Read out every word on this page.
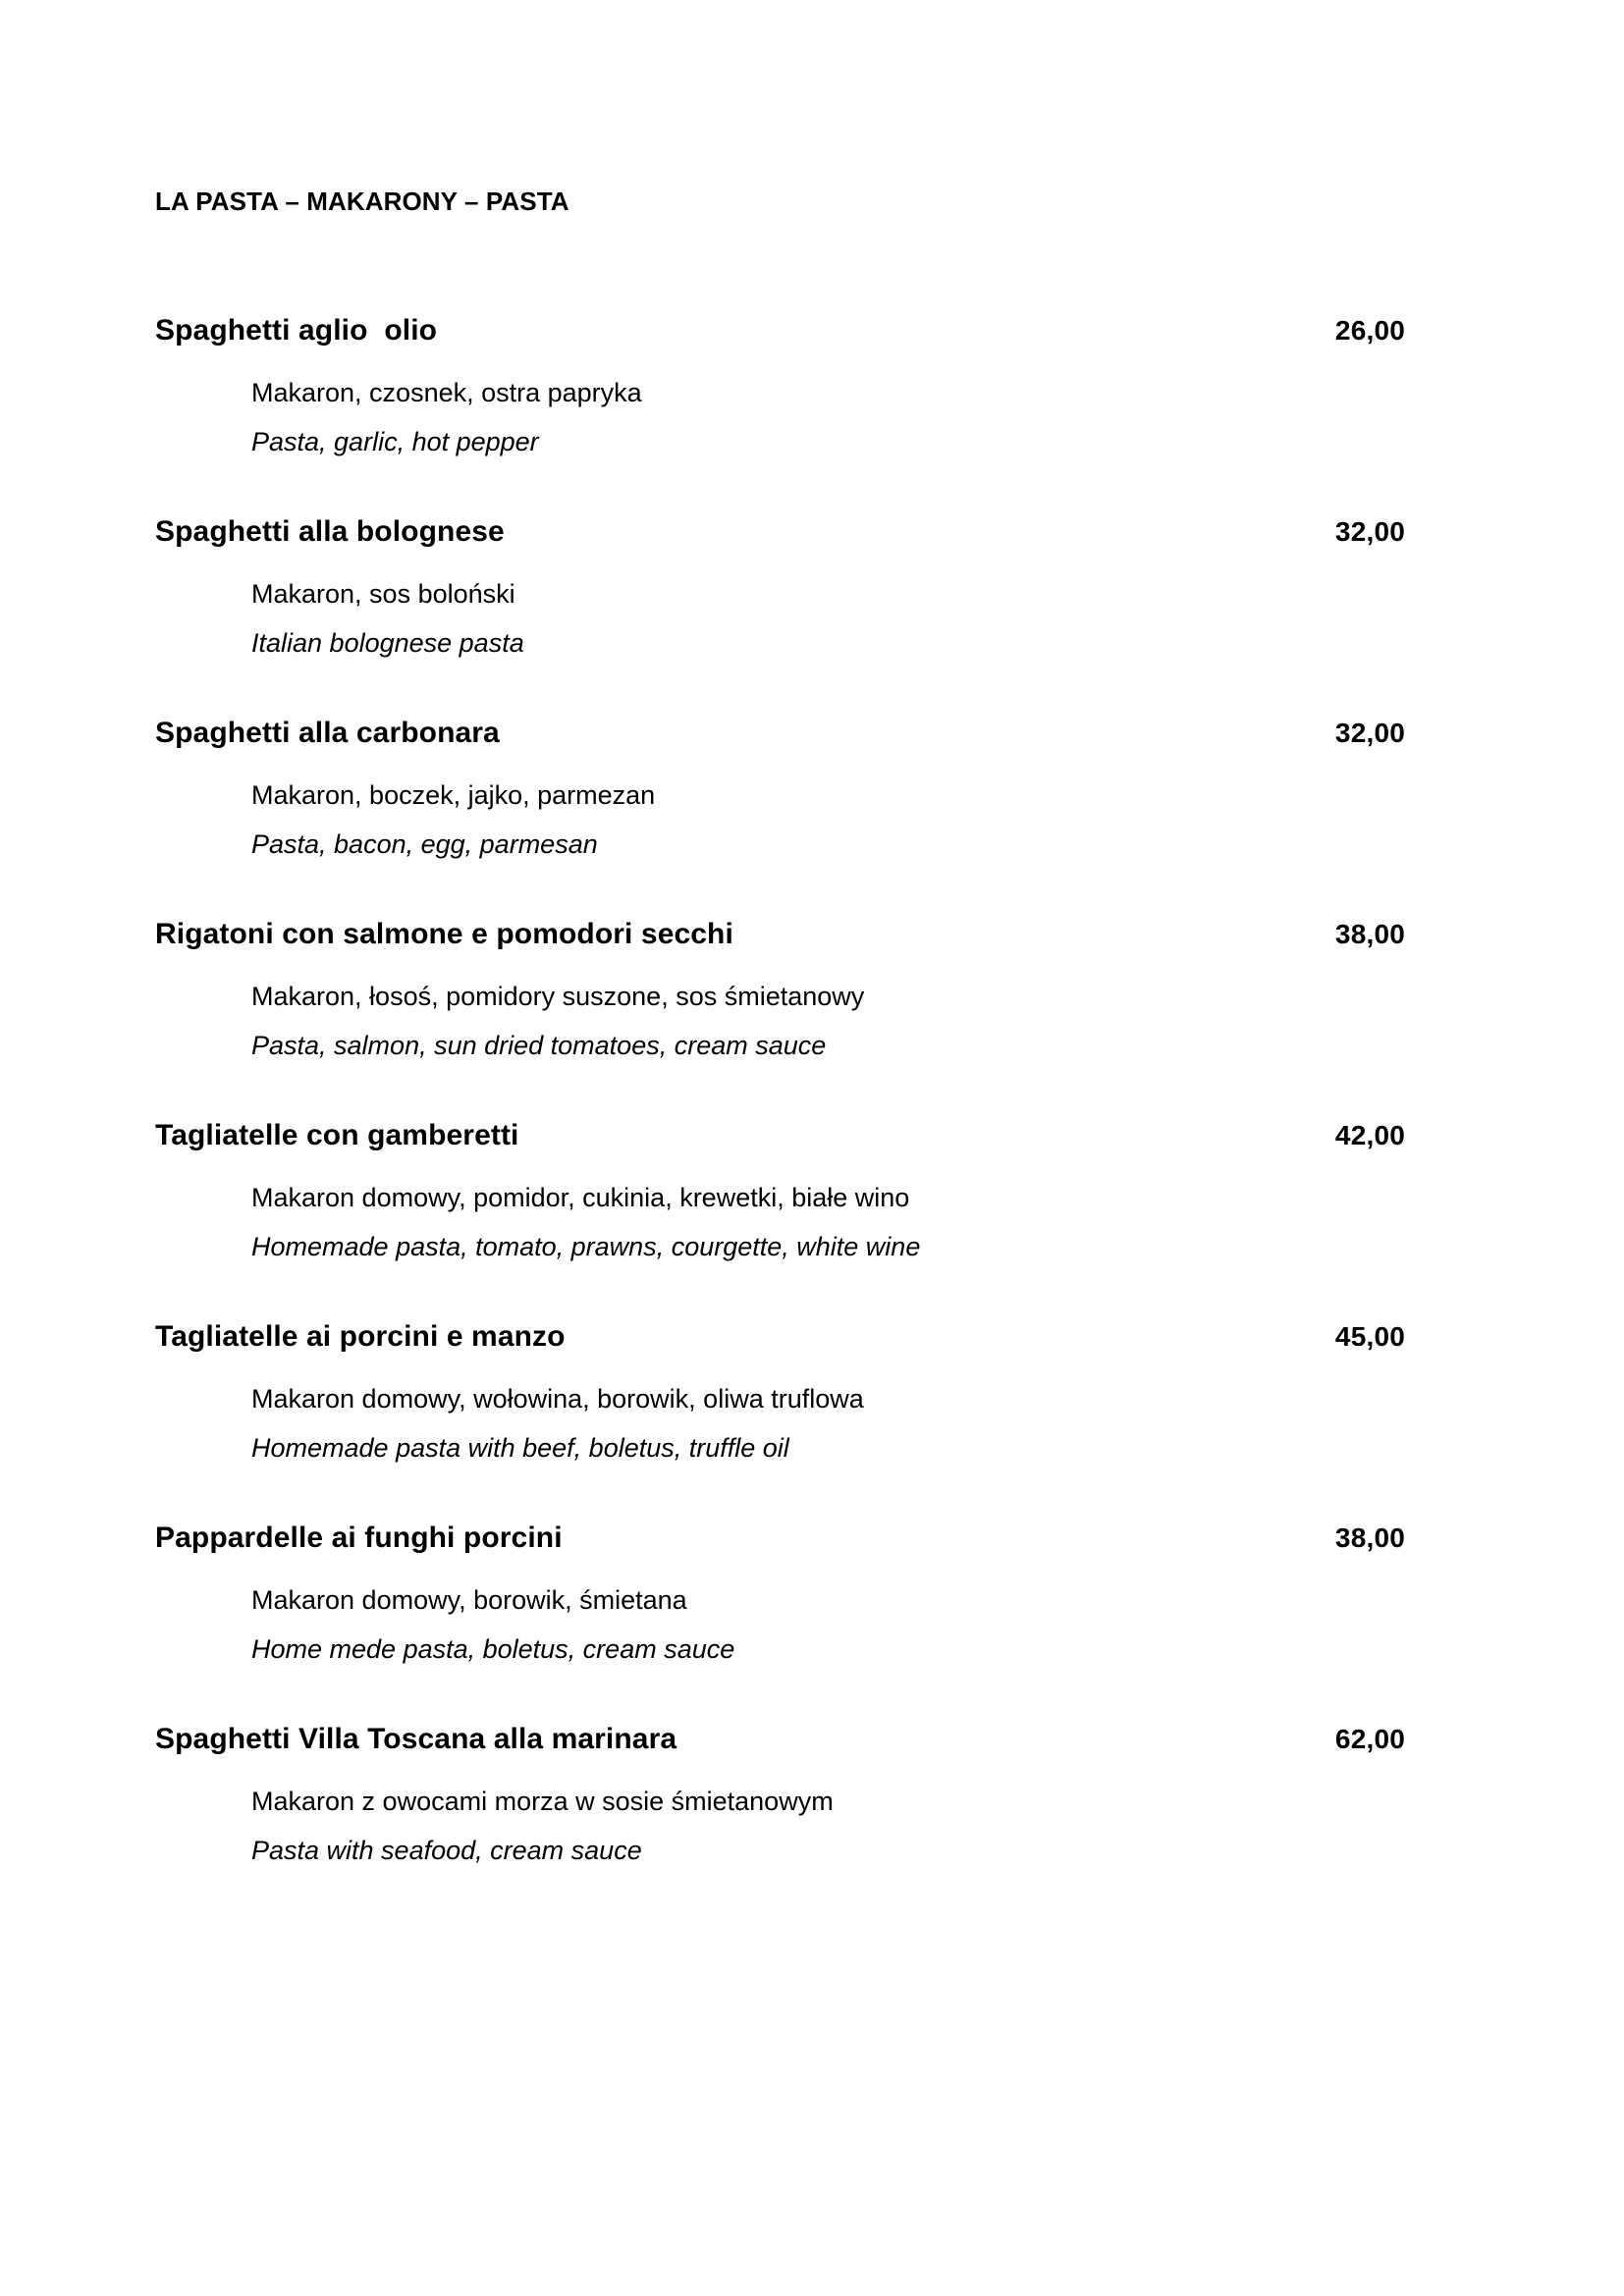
LA PASTA – MAKARONY – PASTA
Spaghetti aglio  olio	26,00
Makaron, czosnek, ostra papryka
Pasta, garlic, hot pepper
Spaghetti alla bolognese	32,00
Makaron, sos boloński
Italian bolognese pasta
Spaghetti alla carbonara	32,00
Makaron, boczek, jajko, parmezan
Pasta, bacon, egg, parmesan
Rigatoni con salmone e pomodori secchi	38,00
Makaron, łosoś, pomidory suszone, sos śmietanowy
Pasta, salmon, sun dried tomatoes, cream sauce
Tagliatelle con gamberetti	42,00
Makaron domowy, pomidor, cukinia, krewetki, białe wino
Homemade pasta, tomato, prawns, courgette, white wine
Tagliatelle ai porcini e manzo	45,00
Makaron domowy, wołowina, borowik, oliwa truflowa
Homemade pasta with beef, boletus, truffle oil
Pappardelle ai funghi porcini	38,00
Makaron domowy, borowik, śmietana
Home mede pasta, boletus, cream sauce
Spaghetti Villa Toscana alla marinara	62,00
Makaron z owocami morza w sosie śmietanowym
Pasta with seafood, cream sauce
